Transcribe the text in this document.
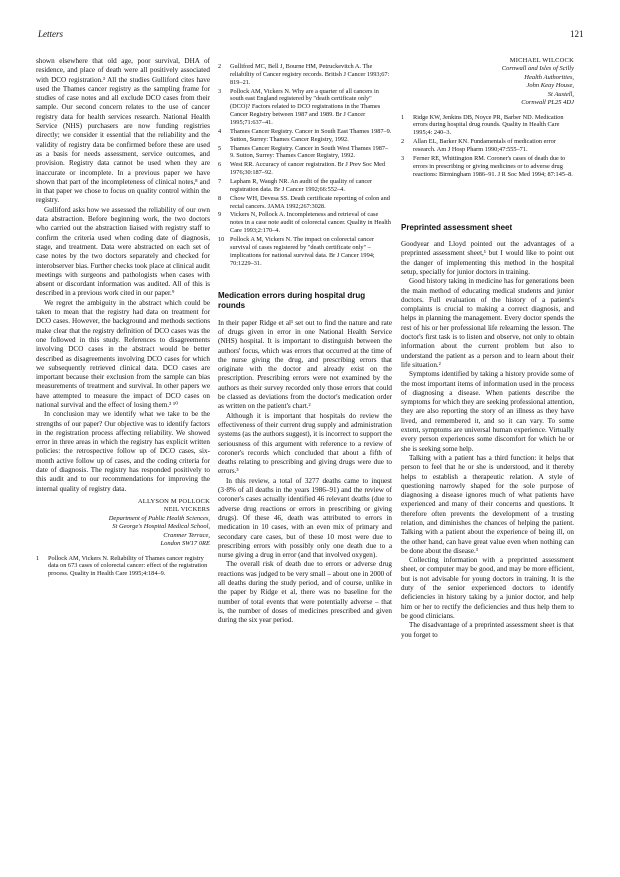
Letters	121

shown elsewhere that old age, poor survival, DHA of residence, and place of death were all positively associated with DCO registration.³ All the studies Gulliford cites have used the Thames cancer registry as the sampling frame for studies of case notes and all exclude DCO cases from their sample. Our second concern relates to the use of cancer registry data for health services research. National Health Service (NHS) purchasers are now funding registries directly; we consider it essential that the reliability and the validity of registry data be confirmed before these are used as a basis for needs assessment, service outcomes, and provision. Registry data cannot be used when they are inaccurate or incomplete. In a previous paper we have shown that part of the incompleteness of clinical notes,⁸ and in that paper we chose to focus on quality control within the registry.

Gulliford asks how we assessed the reliability of our own data abstraction. Before beginning work, the two doctors who carried out the abstraction liaised with registry staff to confirm the criteria used when coding date of diagnosis, stage, and treatment. Data were abstracted on each set of case notes by the two doctors separately and checked for interobserver bias. Further checks took place at clinical audit meetings with surgeons and pathologists when cases with absent or discordant information was audited. All of this is described in a previous work cited in our paper.⁹

We regret the ambiguity in the abstract which could be taken to mean that the registry had data on treatment for DCO cases. However, the background and methods sections make clear that the registry definition of DCO cases was the one followed in this study. References to disagreements involving DCO cases in the abstract would be better described as disagreements involving DCO cases for which we subsequently retrieved clinical data. DCO cases are important because their exclusion from the sample can bias measurements of treatment and survival. In other papers we have attempted to measure the impact of DCO cases on national survival and the effect of losing them.³ ¹⁰

In conclusion may we identify what we take to be the strengths of our paper? Our objective was to identify factors in the registration process affecting reliability. We showed error in three areas in which the registry has explicit written policies: the retrospective follow up of DCO cases, six-month active follow up of cases, and the coding criteria for date of diagnosis. The registry has responded positively to this audit and to our recommendations for improving the internal quality of registry data.

ALLYSON M POLLOCK
NEIL VICKERS
Department of Public Health Sciences,
St George's Hospital Medical School,
Cranmer Terrace,
London SW17 0RE
1 Pollock AM, Vickers N. Reliability of Thames cancer registry data on 673 cases of colorectal cancer: effect of the registration process. Quality in Health Care 1995;4:184–9.
2 Gulliford MC, Bell J, Bourne HM, Petruckevitch A. The reliability of Cancer registry records. British J Cancer 1993;67: 819–21.
3 Pollock AM, Vickers N. Why are a quarter of all cancers in south east England registered by "death certificate only" (DCO)? Factors related to DCO registrations in the Thames Cancer Registry between 1987 and 1989. Br J Cancer 1995;71:637–41.
4 Thames Cancer Registry. Cancer in South East Thames 1987–9. Sutton, Surrey: Thames Cancer Registry, 1992.
5 Thames Cancer Registry. Cancer in South West Thames 1987–9. Sutton, Surrey: Thames Cancer Registry, 1992.
6 West RR. Accuracy of cancer registration. Br J Prev Soc Med 1976;30:187–92.
7 Lapham R, Waugh NR. An audit of the quality of cancer registration data. Br J Cancer 1992;66:552–4.
8 Chow WH, Devesa SS. Death certificate reporting of colon and rectal cancers. JAMA 1992;267:3028.
9 Vickers N, Pollock A. Incompleteness and retrieval of case notes in a case note audit of colorectal cancer. Quality in Health Care 1993;2:170–4.
10 Pollock A M, Vickers N. The impact on colorectal cancer survival of cases registered by "death certificate only" – implications for national survival data. Br J Cancer 1994; 70:1229–31.
Medication errors during hospital drug rounds

In their paper Ridge et al¹ set out to find the nature and rate of drugs given in error in one National Health Service (NHS) hospital. It is important to distinguish between the authors' focus, which was errors that occurred at the time of the nurse giving the drug, and prescribing errors that originate with the doctor and already exist on the prescription. Prescribing errors were not examined by the authors as their survey recorded only those errors that could be classed as deviations from the doctor's medication order as written on the patient's chart.²

Although it is important that hospitals do review the effectiveness of their current drug supply and administration systems (as the authors suggest), it is incorrect to support the seriousness of this argument with reference to a review of coroner's records which concluded that about a fifth of deaths relating to prescribing and giving drugs were due to errors.³

In this review, a total of 3277 deaths came to inquest (3·8% of all deaths in the years 1986–91) and the review of coroner's cases actually identified 46 relevant deaths (due to adverse drug reactions or errors in prescribing or giving drugs). Of these 46, death was attributed to errors in medication in 10 cases, with an even mix of primary and secondary care cases, but of these 10 most were due to prescribing errors with possibly only one death due to a nurse giving a drug in error (and that involved oxygen).

The overall risk of death due to errors or adverse drug reactions was judged to be very small – about one in 2000 of all deaths during the study period, and of course, unlike in the paper by Ridge et al, there was no baseline for the number of total events that were potentially adverse – that is, the number of doses of medicines prescribed and given during the six year period.

MICHAEL WILCOCK
Cornwall and Isles of Scilly
Health Authorities,
John Keay House,
St Austell,
Cornwall PL25 4DJ
1 Ridge KW, Jenkins DB, Noyce PR, Barber ND. Medication errors during hospital drug rounds. Quality in Health Care 1995;4: 240–3.
2 Allan EL, Barker KN. Fundamentals of medication error research. Am J Hosp Pharm 1990;47:555–71.
3 Ferner RE, Whittington RM. Coroner's cases of death due to errors in prescribing or giving medicines or to adverse drug reactions: Birmingham 1986–91. J R Soc Med 1994; 87:145–8.
Preprinted assessment sheet

Goodyear and Lloyd pointed out the advantages of a preprinted assessment sheet,¹ but I would like to point out the danger of implementing this method in the hospital setup, specially for junior doctors in training.

Good history taking in medicine has for generations been the main method of educating medical students and junior doctors. Full evaluation of the history of a patient's complaints is crucial to making a correct diagnosis, and helps in planning the management. Every doctor spends the rest of his or her professional life relearning the lesson. The doctor's first task is to listen and observe, not only to obtain information about the current problem but also to understand the patient as a person and to learn about their life situation.²

Symptoms identified by taking a history provide some of the most important items of information used in the process of diagnosing a disease. When patients describe the symptoms for which they are seeking professional attention, they are also reporting the story of an illness as they have lived, and remembered it, and so it can vary. To some extent, symptoms are universal human experience. Virtually every person experiences some discomfort for which he or she is seeking some help.

Talking with a patient has a third function: it helps that person to feel that he or she is understood, and it thereby helps to establish a therapeutic relation. A style of questioning narrowly shaped for the sole purpose of diagnosing a disease ignores much of what patients have experienced and many of their concerns and questions. It therefore often prevents the development of a trusting relation, and diminishes the chances of helping the patient. Talking with a patient about the experience of being ill, on the other hand, can have great value even when nothing can be done about the disease.³

Collecting information with a preprinted assessment sheet, or computer may be good, and may be more efficient, but is not advisable for young doctors in training. It is the duty of the senior experienced doctors to identify deficiencies in history taking by a junior doctor, and help him or her to rectify the deficiencies and thus help them to be good clinicians.

The disadvantage of a preprinted assessment sheet is that you forget to
